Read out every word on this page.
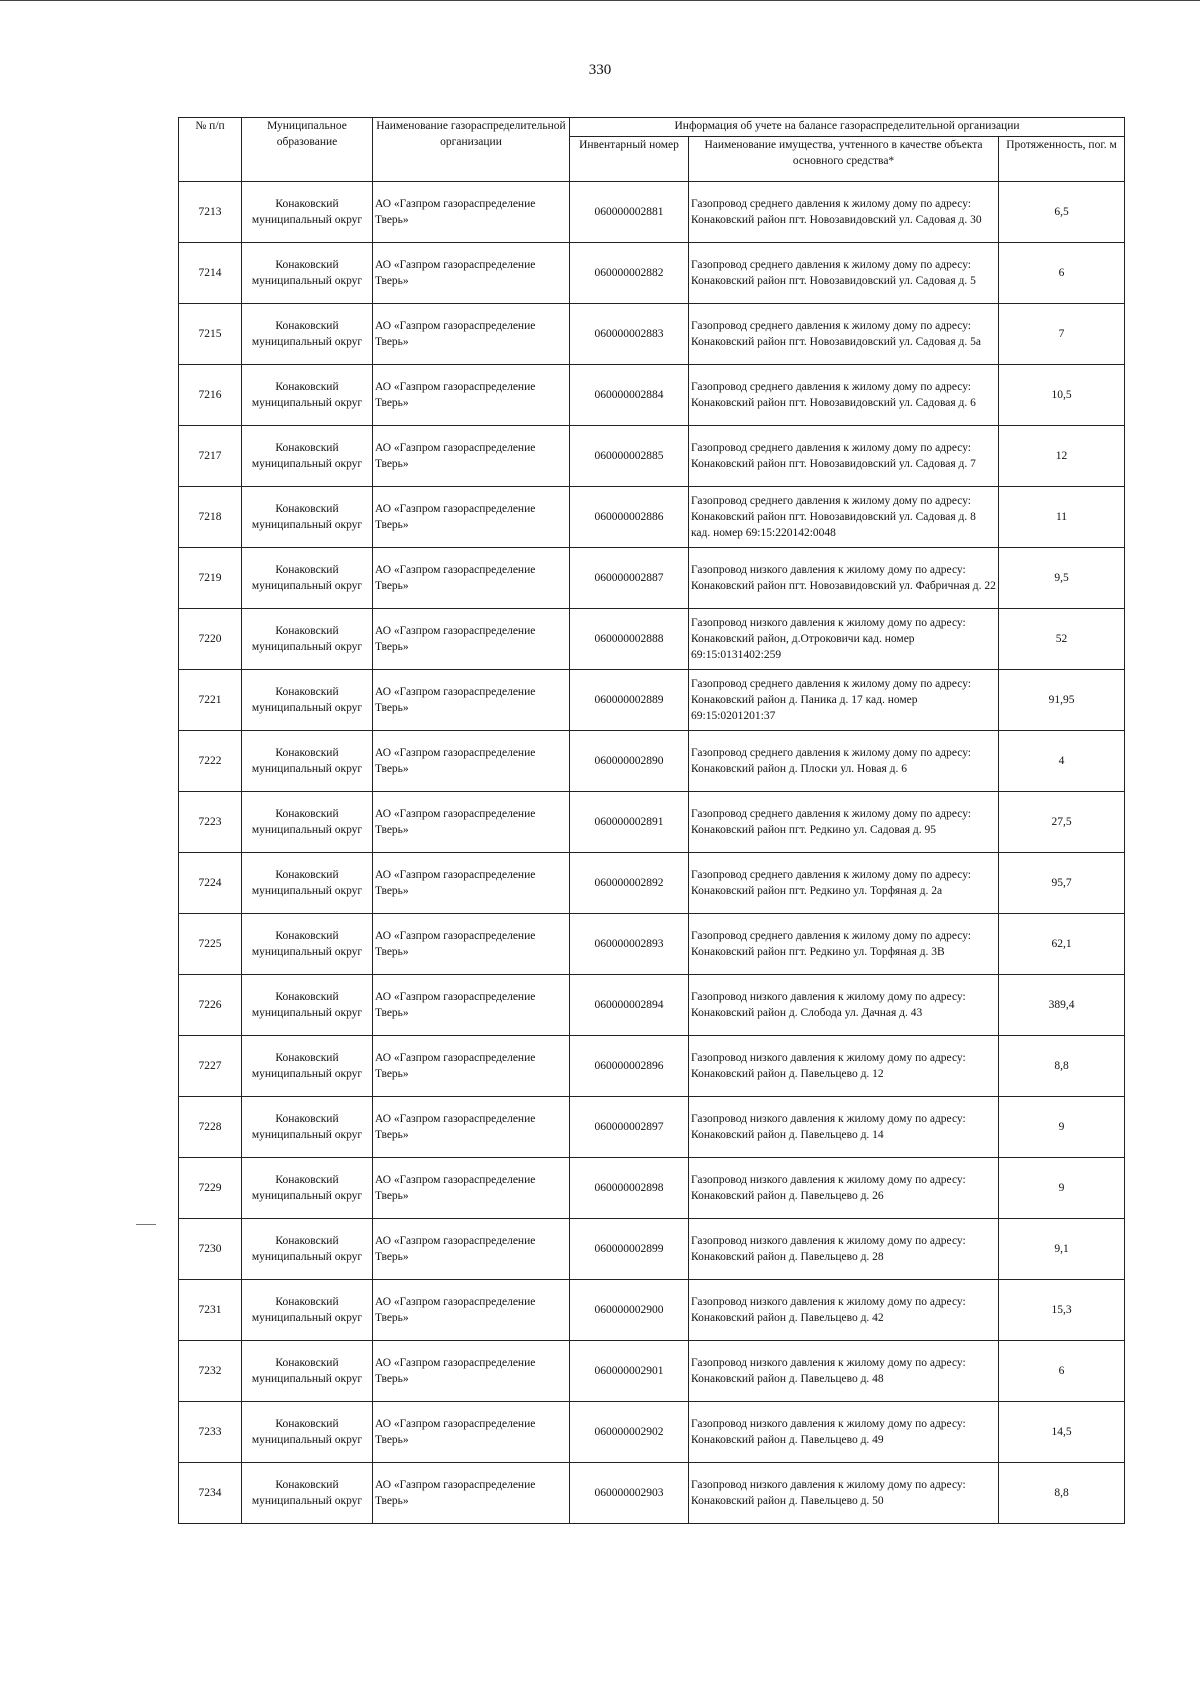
330
№ п/п	Муниципальное образование	Наименование газораспределительной организации	Информация об учете на балансе газораспределительной организации		
			Инвентарный номер	Наименование имущества, учтенного в качестве объекта основного средства*	Протяженность, пог. м
7213	Конаковский муниципальный округ	АО «Газпром газораспределение Тверь»	060000002881	Газопровод среднего давления к жилому дому по адресу: Конаковский район пгт. Новозавидовский ул. Садовая д. 30	6,5
7214	Конаковский муниципальный округ	АО «Газпром газораспределение Тверь»	060000002882	Газопровод среднего давления к жилому дому по адресу: Конаковский район пгт. Новозавидовский ул. Садовая д. 5	6
7215	Конаковский муниципальный округ	АО «Газпром газораспределение Тверь»	060000002883	Газопровод среднего давления к жилому дому по адресу: Конаковский район пгт. Новозавидовский ул. Садовая д. 5а	7
7216	Конаковский муниципальный округ	АО «Газпром газораспределение Тверь»	060000002884	Газопровод среднего давления к жилому дому по адресу: Конаковский район пгт. Новозавидовский ул. Садовая д. 6	10,5
7217	Конаковский муниципальный округ	АО «Газпром газораспределение Тверь»	060000002885	Газопровод среднего давления к жилому дому по адресу: Конаковский район пгт. Новозавидовский ул. Садовая д. 7	12
7218	Конаковский муниципальный округ	АО «Газпром газораспределение Тверь»	060000002886	Газопровод среднего давления к жилому дому по адресу: Конаковский район пгт. Новозавидовский ул. Садовая д. 8 кад. номер 69:15:220142:0048	11
7219	Конаковский муниципальный округ	АО «Газпром газораспределение Тверь»	060000002887	Газопровод низкого давления к жилому дому по адресу: Конаковский район пгт. Новозавидовский ул. Фабричная д. 22	9,5
7220	Конаковский муниципальный округ	АО «Газпром газораспределение Тверь»	060000002888	Газопровод низкого давления к жилому дому по адресу: Конаковский район, д.Отроковичи кад. номер 69:15:0131402:259	52
7221	Конаковский муниципальный округ	АО «Газпром газораспределение Тверь»	060000002889	Газопровод среднего давления к жилому дому по адресу: Конаковский район д. Паника д. 17 кад. номер 69:15:0201201:37	91,95
7222	Конаковский муниципальный округ	АО «Газпром газораспределение Тверь»	060000002890	Газопровод среднего давления к жилому дому по адресу: Конаковский район д. Плоски ул. Новая д. 6	4
7223	Конаковский муниципальный округ	АО «Газпром газораспределение Тверь»	060000002891	Газопровод среднего давления к жилому дому по адресу: Конаковский район пгт. Редкино ул. Садовая д. 95	27,5
7224	Конаковский муниципальный округ	АО «Газпром газораспределение Тверь»	060000002892	Газопровод среднего давления к жилому дому по адресу: Конаковский район пгт. Редкино ул. Торфяная д. 2а	95,7
7225	Конаковский муниципальный округ	АО «Газпром газораспределение Тверь»	060000002893	Газопровод среднего давления к жилому дому по адресу: Конаковский район пгт. Редкино ул. Торфяная д. 3В	62,1
7226	Конаковский муниципальный округ	АО «Газпром газораспределение Тверь»	060000002894	Газопровод низкого давления к жилому дому по адресу: Конаковский район д. Слобода ул. Дачная д. 43	389,4
7227	Конаковский муниципальный округ	АО «Газпром газораспределение Тверь»	060000002896	Газопровод низкого давления к жилому дому по адресу: Конаковский район д. Павельцево д. 12	8,8
7228	Конаковский муниципальный округ	АО «Газпром газораспределение Тверь»	060000002897	Газопровод низкого давления к жилому дому по адресу: Конаковский район д. Павельцево д. 14	9
7229	Конаковский муниципальный округ	АО «Газпром газораспределение Тверь»	060000002898	Газопровод низкого давления к жилому дому по адресу: Конаковский район д. Павельцево д. 26	9
7230	Конаковский муниципальный округ	АО «Газпром газораспределение Тверь»	060000002899	Газопровод низкого давления к жилому дому по адресу: Конаковский район д. Павельцево д. 28	9,1
7231	Конаковский муниципальный округ	АО «Газпром газораспределение Тверь»	060000002900	Газопровод низкого давления к жилому дому по адресу: Конаковский район д. Павельцево д. 42	15,3
7232	Конаковский муниципальный округ	АО «Газпром газораспределение Тверь»	060000002901	Газопровод низкого давления к жилому дому по адресу: Конаковский район д. Павельцево д. 48	6
7233	Конаковский муниципальный округ	АО «Газпром газораспределение Тверь»	060000002902	Газопровод низкого давления к жилому дому по адресу: Конаковский район д. Павельцево д. 49	14,5
7234	Конаковский муниципальный округ	АО «Газпром газораспределение Тверь»	060000002903	Газопровод низкого давления к жилому дому по адресу: Конаковский район д. Павельцево д. 50	8,8
